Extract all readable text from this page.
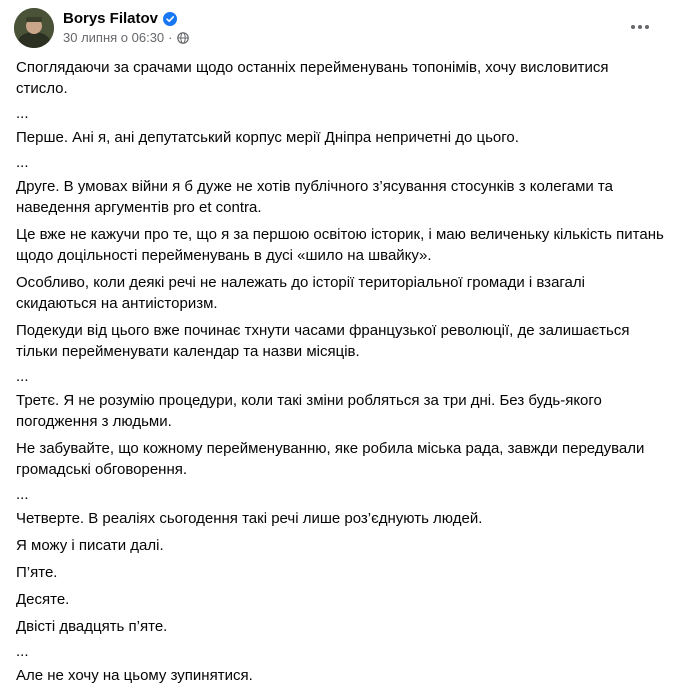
Borys Filatov
30 липня о 06:30 ·

Споглядаючи за срачами щодо останніх перейменувань топонімів, хочу висловитися стисло.

...

Перше. Ані я, ані депутатський корпус мерії Дніпра непричетні до цього.

...

Друге. В умовах війни я б дуже не хотів публічного з’ясування стосунків з колегами та наведення аргументів pro et contra.

Це вже не кажучи про те, що я за першою освітою історик, і маю величеньку кількість питань щодо доцільності перейменувань в дусі «шило на швайку».

Особливо, коли деякі речі не належать до історії територіальної громади і взагалі скидаються на антиісторизм.

Подекуди від цього вже починає тхнути часами французької революції, де залишається тільки перейменувати календар та назви місяців.

...

Третє. Я не розумію процедури, коли такі зміни робляться за три дні. Без будь-якого погодження з людьми.

Не забувайте, що кожному перейменуванню, яке робила міська рада, завжди передували громадські обговорення.

...

Четверте. В реаліях сьогодення такі речі лише роз’єднують людей.

Я можу і писати далі.

П’яте.

Десяте.

Двісті двадцять п’яте.

...

Але не хочу на цьому зупинятися.
